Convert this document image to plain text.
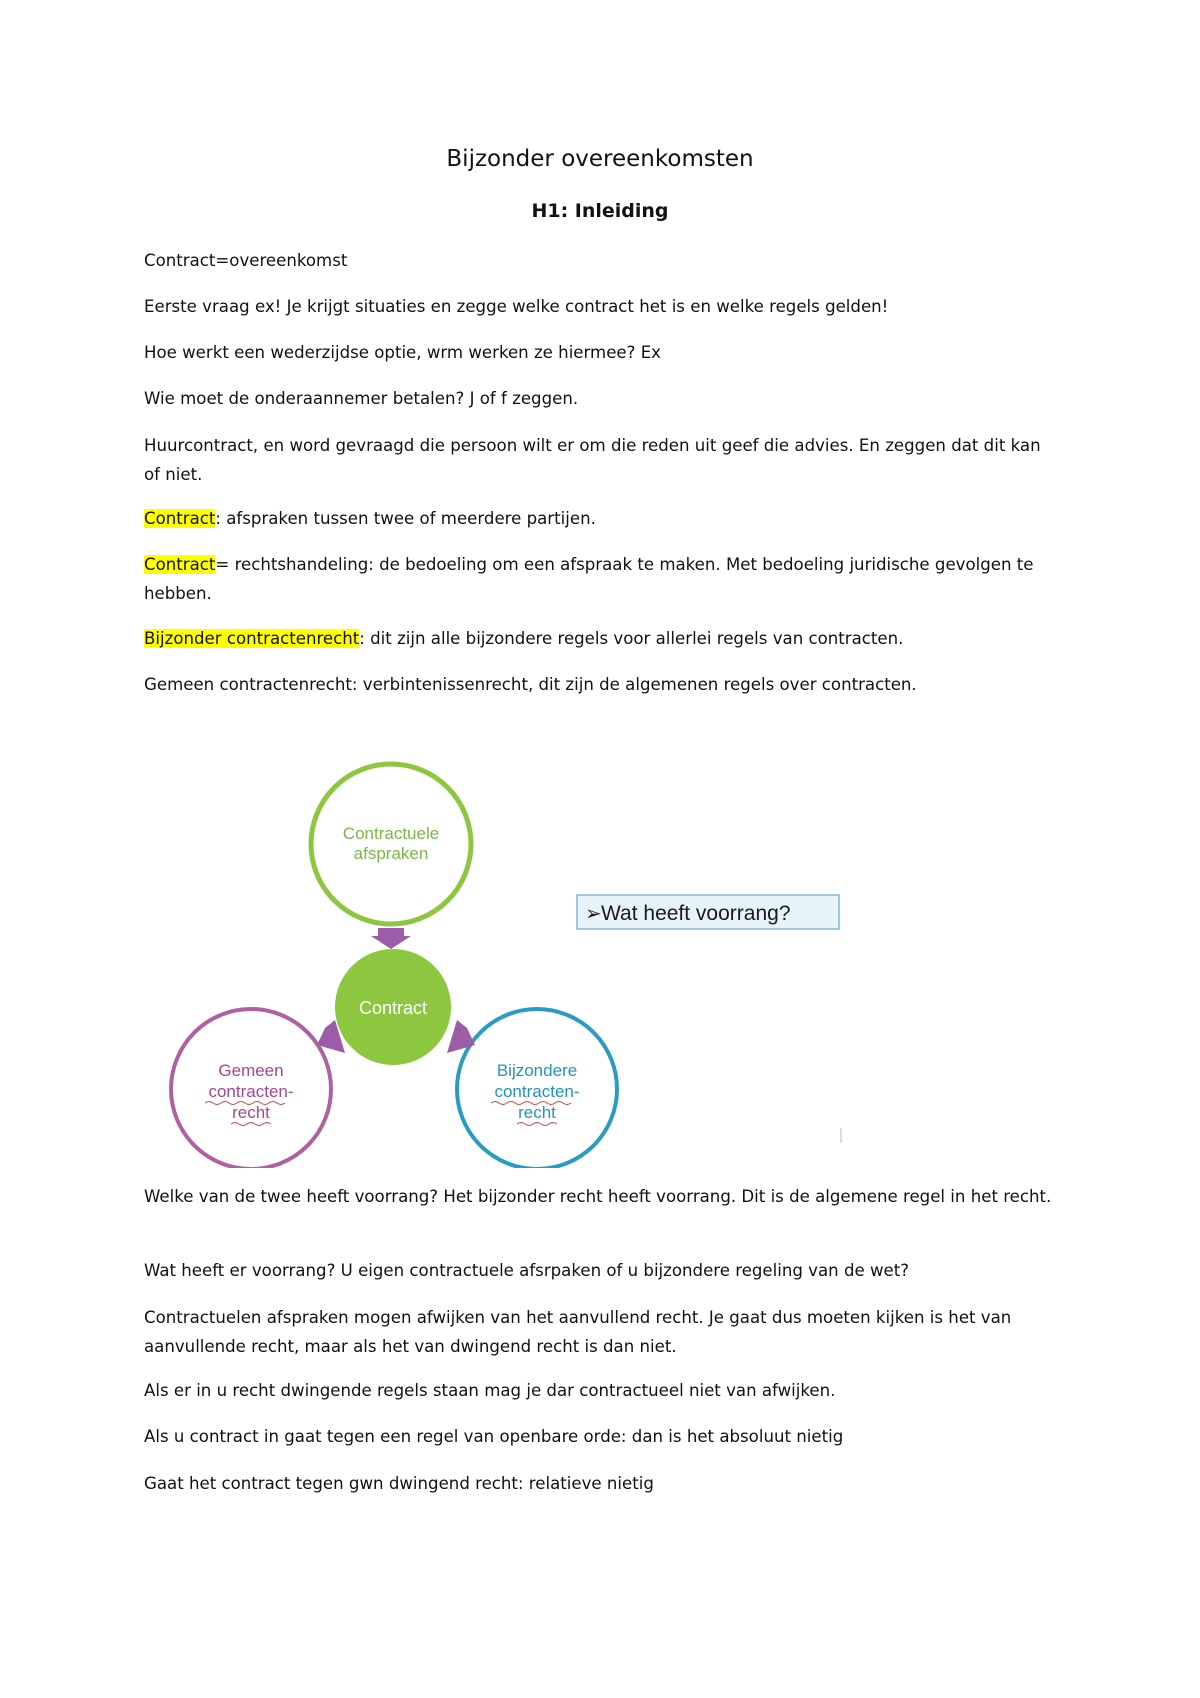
Bijzonder overeenkomsten
H1: Inleiding

Contract=overeenkomst

Eerste vraag ex! Je krijgt situaties en zegge welke contract het is en welke regels gelden!

Hoe werkt een wederzijdse optie, wrm werken ze hiermee? Ex

Wie moet de onderaannemer betalen? J of f zeggen.

Huurcontract, en word gevraagd die persoon wilt er om die reden uit geef die advies. En zeggen dat dit kan of niet.

Contract: afspraken tussen twee of meerdere partijen.

Contract= rechtshandeling: de bedoeling om een afspraak te maken. Met bedoeling juridische gevolgen te hebben.

Bijzonder contractenrecht: dit zijn alle bijzondere regels voor allerlei regels van contracten.

Gemeen contractenrecht: verbintenissenrecht, dit zijn de algemenen regels over contracten.

Contractuele
afspraken
Gemeen
contracten-
recht
Bijzondere
contracten-
recht
Contract
➢ Wat heeft voorrang?

Welke van de twee heeft voorrang? Het bijzonder recht heeft voorrang. Dit is de algemene regel in het recht.

Wat heeft er voorrang? U eigen contractuele afsrpaken of u bijzondere regeling van de wet?

Contractuelen afspraken mogen afwijken van het aanvullend recht. Je gaat dus moeten kijken is het van aanvullende recht, maar als het van dwingend recht is dan niet.

Als er in u recht dwingende regels staan mag je dar contractueel niet van afwijken.

Als u contract in gaat tegen een regel van openbare orde: dan is het absoluut nietig

Gaat het contract tegen gwn dwingend recht: relatieve nietig
